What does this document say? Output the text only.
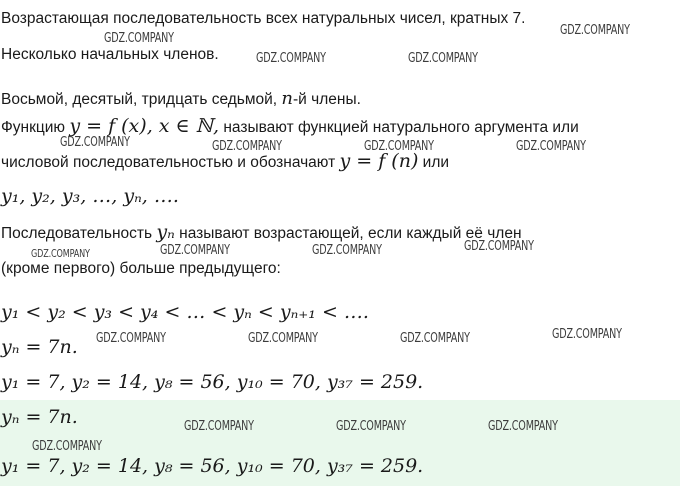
Возрастающая последовательность всех натуральных чисел, кратных 7.
Несколько начальных членов.
Восьмой, десятый, тридцать седьмой, n-й члены.
Функцию y = f (x), x ∈ ℕ, называют функцией натурального аргумента или
числовой последовательностью и обозначают y = f (n) или
y₁, y₂, y₃, …, yₙ, ….
Последовательность yₙ называют возрастающей, если каждый её член
(кроме первого) больше предыдущего:
y₁ < y₂ < y₃ < y₄ < … < yₙ < yₙ₊₁ < ….
yₙ = 7n.
y₁ = 7, y₂ = 14, y₈ = 56, y₁₀ = 70, y₃₇ = 259.
yₙ = 7n.
y₁ = 7, y₂ = 14, y₈ = 56, y₁₀ = 70, y₃₇ = 259.
GDZ.COMPANY
GDZ.COMPANY
GDZ.COMPANY	GDZ.COMPANY
GDZ.COMPANY	GDZ.COMPANY	GDZ.COMPANY	GDZ.COMPANY
GDZ.COMPANY	GDZ.COMPANY	GDZ.COMPANY	GDZ.COMPANY
GDZ.COMPANY	GDZ.COMPANY	GDZ.COMPANY	GDZ.COMPANY
GDZ.COMPANY	GDZ.COMPANY	GDZ.COMPANY
GDZ.COMPANY
